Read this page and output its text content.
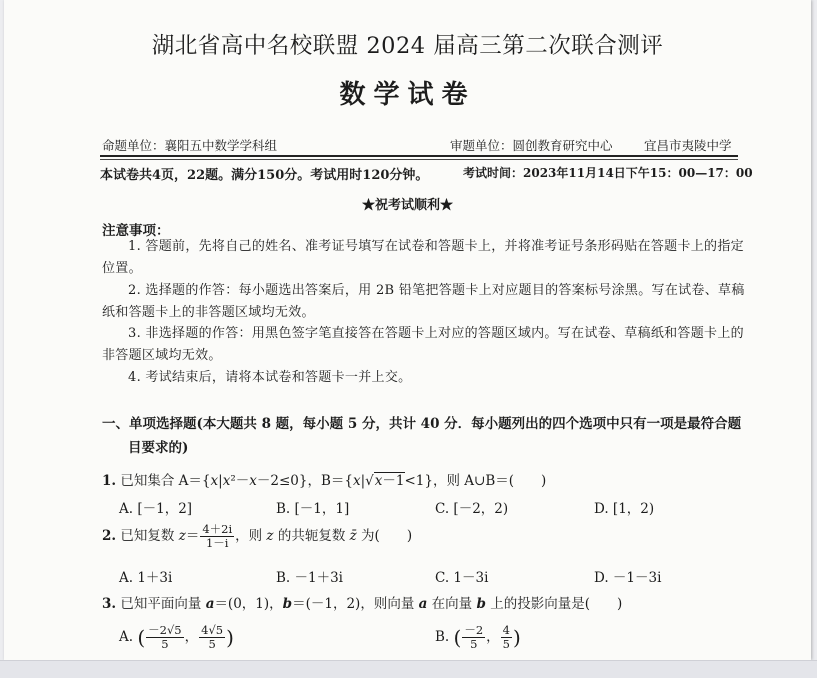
湖北省高中名校联盟 2024 届高三第二次联合测评
数学试卷
命题单位：襄阳五中数学学科组	审题单位：圆创教育研究中心	宜昌市夷陵中学
本试卷共4页，22题。满分150分。考试用时120分钟。	考试时间：2023年11月14日下午15：00—17：00
★祝考试顺利★
注意事项：
1. 答题前，先将自己的姓名、准考证号填写在试卷和答题卡上，并将准考证号条形码贴在答题卡上的指定位置。
2. 选择题的作答：每小题选出答案后，用 2B 铅笔把答题卡上对应题目的答案标号涂黑。写在试卷、草稿纸和答题卡上的非答题区域均无效。
3. 非选择题的作答：用黑色签字笔直接答在答题卡上对应的答题区域内。写在试卷、草稿纸和答题卡上的非答题区域均无效。
4. 考试结束后，请将本试卷和答题卡一并上交。
一、单项选择题(本大题共 8 题，每小题 5 分，共计 40 分．每小题列出的四个选项中只有一项是最符合题
目要求的)
1. 已知集合 A＝{x|x²－x－2≤0}，B＝{x|√x－1<1}，则 A∪B＝(　　)
A. [－1，2]	B. [－1，1]	C. [－2，2)	D. [1，2)
2. 已知复数 $z= \frac{4+2i}{1-i}$ ，则 z 的共轭复数 z̄ 为(　　)
A. 1＋3i	B. －1＋3i	C. 1－3i	D. －1－3i
3. 已知平面向量 a＝(0，1)，b＝(－1，2)，则向量 a 在向量 b 上的投影向量是(　　)
A. ( $\frac{-2√5}{5}$ ， $\frac{4√5}{5}$ )	B. ( $\frac{-2}{5}$ ， $\frac{4}{5}$ )
